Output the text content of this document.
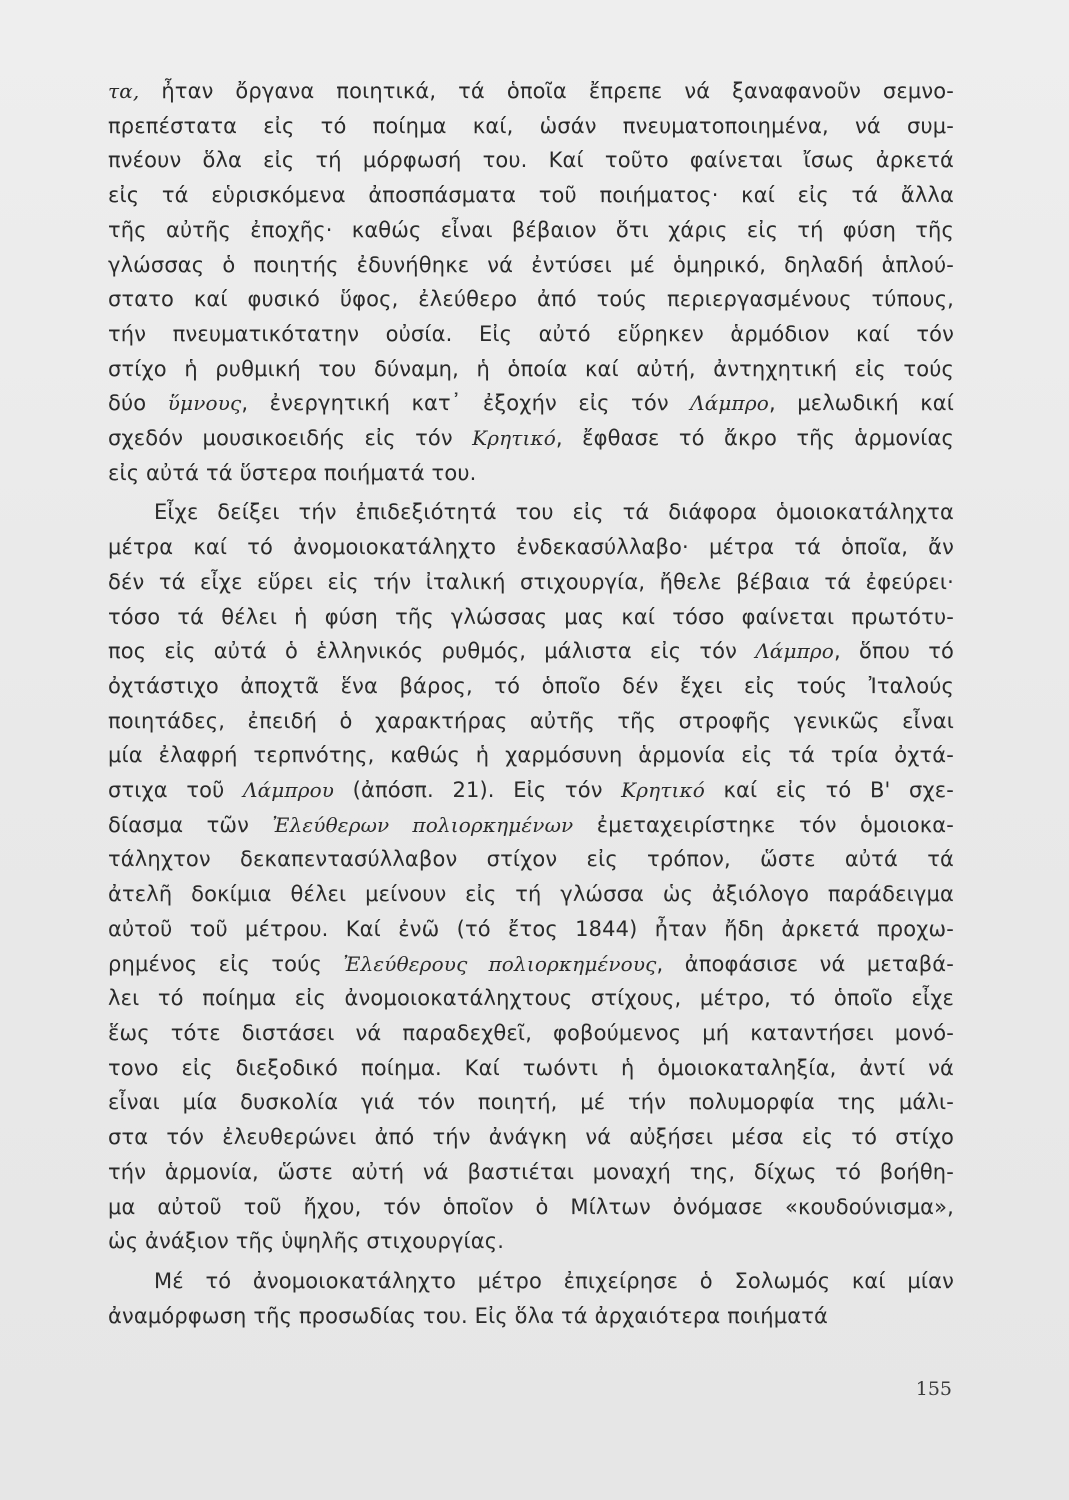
τα, ἦταν ὄργανα ποιητικά, τά ὁποῖα ἔπρεπε νά ξαναφανοῦν σεμνο-
πρεπέστατα εἰς τό ποίημα καί, ὡσάν πνευματοποιημένα, νά συμ-
πνέουν ὅλα εἰς τή μόρφωσή του. Καί τοῦτο φαίνεται ἴσως ἀρκετά
εἰς τά εὑρισκόμενα ἀποσπάσματα τοῦ ποιήματος· καί εἰς τά ἄλλα
τῆς αὐτῆς ἐποχῆς· καθώς εἶναι βέβαιον ὅτι χάρις εἰς τή φύση τῆς
γλώσσας ὁ ποιητής ἐδυνήθηκε νά ἐντύσει μέ ὁμηρικό, δηλαδή ἁπλού-
στατο καί φυσικό ὕφος, ἐλεύθερο ἀπό τούς περιεργασμένους τύπους,
τήν πνευματικότατην οὐσία. Εἰς αὐτό εὕρηκεν ἁρμόδιον καί τόν
στίχο ἡ ρυθμική του δύναμη, ἡ ὁποία καί αὐτή, ἀντηχητική εἰς τούς
δύο ὕμνους, ἐνεργητική κατ᾽ ἐξοχήν εἰς τόν Λάμπρο, μελωδική καί
σχεδόν μουσικοειδής εἰς τόν Κρητικό, ἔφθασε τό ἄκρο τῆς ἁρμονίας
εἰς αὐτά τά ὕστερα ποιήματά του.
Εἶχε δείξει τήν ἐπιδεξιότητά του εἰς τά διάφορα ὁμοιοκατάληχτα
μέτρα καί τό ἀνομοιοκατάληχτο ἐνδεκασύλλαβο· μέτρα τά ὁποῖα, ἄν
δέν τά εἶχε εὕρει εἰς τήν ἰταλική στιχουργία, ἤθελε βέβαια τά ἐφεύρει·
τόσο τά θέλει ἡ φύση τῆς γλώσσας μας καί τόσο φαίνεται πρωτότυ-
πος εἰς αὐτά ὁ ἑλληνικός ρυθμός, μάλιστα εἰς τόν Λάμπρο, ὅπου τό
ὀχτάστιχο ἀποχτᾶ ἕνα βάρος, τό ὁποῖο δέν ἔχει εἰς τούς Ἰταλούς
ποιητάδες, ἐπειδή ὁ χαρακτήρας αὐτῆς τῆς στροφῆς γενικῶς εἶναι
μία ἐλαφρή τερπνότης, καθώς ἡ χαρμόσυνη ἁρμονία εἰς τά τρία ὀχτά-
στιχα τοῦ Λάμπρου (ἀπόσπ. 21). Εἰς τόν Κρητικό καί εἰς τό Β' σχε-
δίασμα τῶν Ἐλεύθερων πολιορκημένων ἐμεταχειρίστηκε τόν ὁμοιοκα-
τάληχτον δεκαπεντασύλλαβον στίχον εἰς τρόπον, ὥστε αὐτά τά
ἀτελῆ δοκίμια θέλει μείνουν εἰς τή γλώσσα ὡς ἀξιόλογο παράδειγμα
αὐτοῦ τοῦ μέτρου. Καί ἐνῶ (τό ἔτος 1844) ἦταν ἤδη ἀρκετά προχω-
ρημένος εἰς τούς Ἐλεύθερους πολιορκημένους, ἀποφάσισε νά μεταβά-
λει τό ποίημα εἰς ἀνομοιοκατάληχτους στίχους, μέτρο, τό ὁποῖο εἶχε
ἕως τότε διστάσει νά παραδεχθεῖ, φοβούμενος μή καταντήσει μονό-
τονο εἰς διεξοδικό ποίημα. Καί τωόντι ἡ ὁμοιοκαταληξία, ἀντί νά
εἶναι μία δυσκολία γιά τόν ποιητή, μέ τήν πολυμορφία της μάλι-
στα τόν ἐλευθερώνει ἀπό τήν ἀνάγκη νά αὐξήσει μέσα εἰς τό στίχο
τήν ἁρμονία, ὥστε αὐτή νά βαστιέται μοναχή της, δίχως τό βοήθη-
μα αὐτοῦ τοῦ ἤχου, τόν ὁποῖον ὁ Μίλτων ὀνόμασε «κουδούνισμα»,
ὡς ἀνάξιον τῆς ὑψηλῆς στιχουργίας.
Μέ τό ἀνομοιοκατάληχτο μέτρο ἐπιχείρησε ὁ Σολωμός καί μίαν
ἀναμόρφωση τῆς προσωδίας του. Εἰς ὅλα τά ἀρχαιότερα ποιήματά
155
